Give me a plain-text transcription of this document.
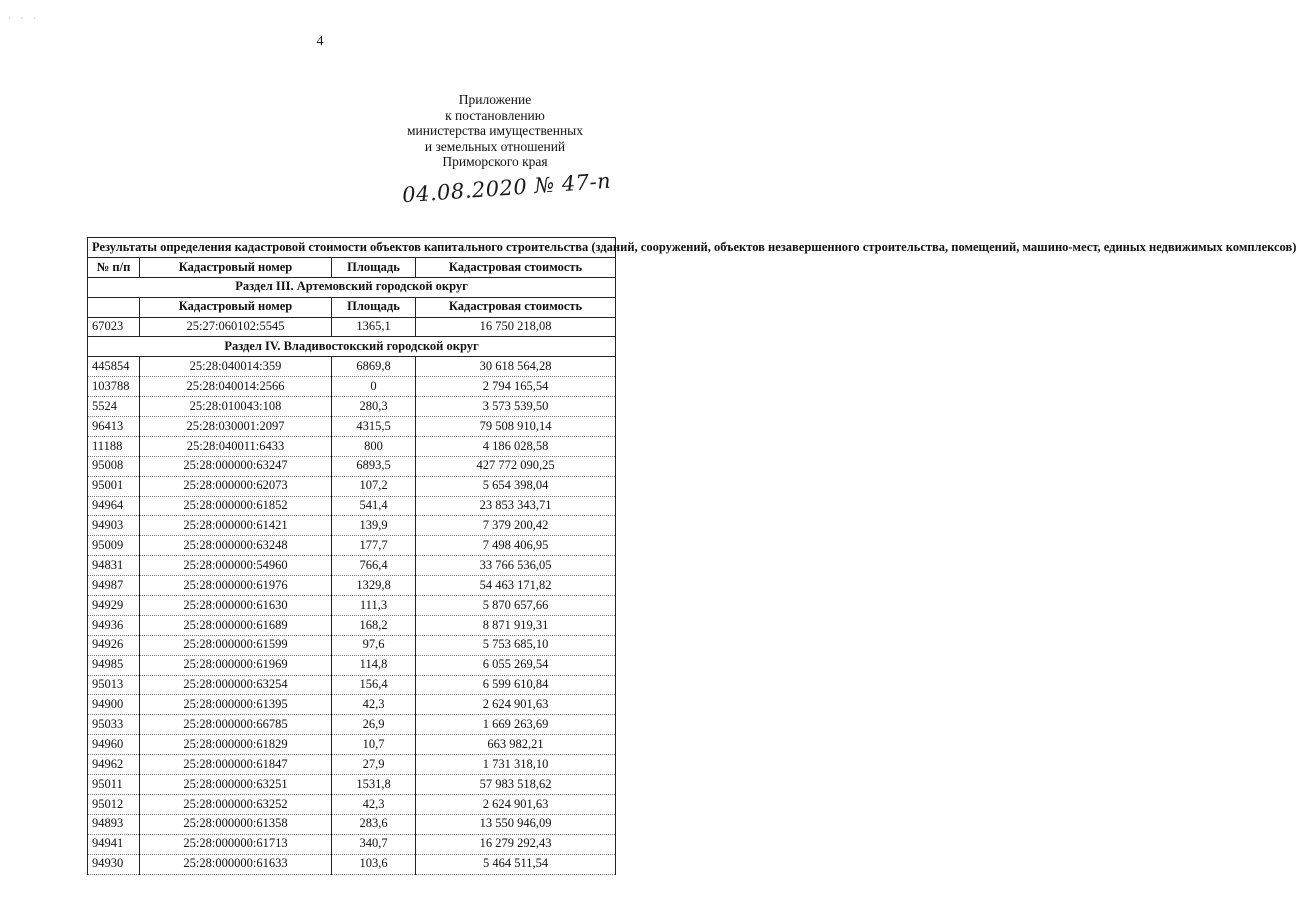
· · ·
4
Приложение
к постановлению
министерства имущественных
и земельных отношений
Приморского края
04.08.2020 № 47-п
Результаты определения кадастровой стоимости объектов капитального строительства (зданий, сооружений, объектов незавершенного строительства, помещений, машино-мест, единых недвижимых комплексов)			
№ п/п	Кадастровый номер	Площадь	Кадастровая стоимость
Раздел III. Артемовский городской округ			
	Кадастровый номер	Площадь	Кадастровая стоимость
67023	25:27:060102:5545	1365,1	16 750 218,08
Раздел IV. Владивостокский городской округ			
445854	25:28:040014:359	6869,8	30 618 564,28
103788	25:28:040014:2566	0	2 794 165,54
5524	25:28:010043:108	280,3	3 573 539,50
96413	25:28:030001:2097	4315,5	79 508 910,14
11188	25:28:040011:6433	800	4 186 028,58
95008	25:28:000000:63247	6893,5	427 772 090,25
95001	25:28:000000:62073	107,2	5 654 398,04
94964	25:28:000000:61852	541,4	23 853 343,71
94903	25:28:000000:61421	139,9	7 379 200,42
95009	25:28:000000:63248	177,7	7 498 406,95
94831	25:28:000000:54960	766,4	33 766 536,05
94987	25:28:000000:61976	1329,8	54 463 171,82
94929	25:28:000000:61630	111,3	5 870 657,66
94936	25:28:000000:61689	168,2	8 871 919,31
94926	25:28:000000:61599	97,6	5 753 685,10
94985	25:28:000000:61969	114,8	6 055 269,54
95013	25:28:000000:63254	156,4	6 599 610,84
94900	25:28:000000:61395	42,3	2 624 901,63
95033	25:28:000000:66785	26,9	1 669 263,69
94960	25:28:000000:61829	10,7	663 982,21
94962	25:28:000000:61847	27,9	1 731 318,10
95011	25:28:000000:63251	1531,8	57 983 518,62
95012	25:28:000000:63252	42,3	2 624 901,63
94893	25:28:000000:61358	283,6	13 550 946,09
94941	25:28:000000:61713	340,7	16 279 292,43
94930	25:28:000000:61633	103,6	5 464 511,54
